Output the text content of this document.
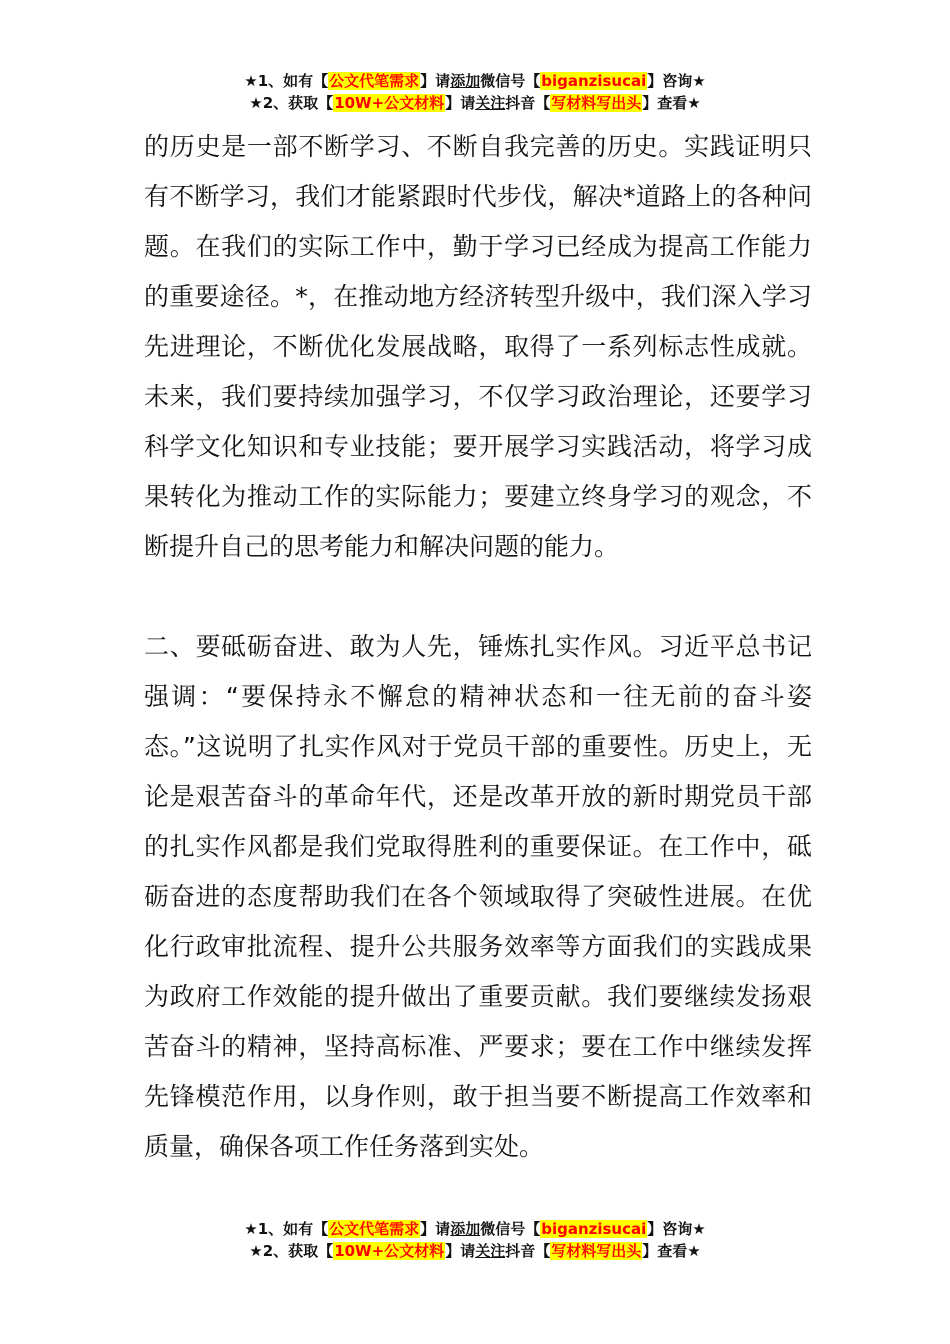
★1、如有【公文代笔需求】请添加微信号【biganzisucai】咨询★
★2、获取【10W+公文材料】请关注抖音【写材料写出头】查看★

的历史是一部不断学习、不断自我完善的历史。实践证明只有不断学习，我们才能紧跟时代步伐，解决*道路上的各种问题。在我们的实际工作中，勤于学习已经成为提高工作能力的重要途径。*，在推动地方经济转型升级中，我们深入学习先进理论，不断优化发展战略，取得了一系列标志性成就。未来，我们要持续加强学习，不仅学习政治理论，还要学习科学文化知识和专业技能；要开展学习实践活动，将学习成果转化为推动工作的实际能力；要建立终身学习的观念，不断提升自己的思考能力和解决问题的能力。

二、要砥砺奋进、敢为人先，锤炼扎实作风。习近平总书记强调：“要保持永不懈怠的精神状态和一往无前的奋斗姿态。”这说明了扎实作风对于党员干部的重要性。历史上，无论是艰苦奋斗的革命年代，还是改革开放的新时期党员干部的扎实作风都是我们党取得胜利的重要保证。在工作中，砥砺奋进的态度帮助我们在各个领域取得了突破性进展。在优化行政审批流程、提升公共服务效率等方面我们的实践成果为政府工作效能的提升做出了重要贡献。我们要继续发扬艰苦奋斗的精神，坚持高标准、严要求；要在工作中继续发挥先锋模范作用，以身作则，敢于担当要不断提高工作效率和质量，确保各项工作任务落到实处。

★1、如有【公文代笔需求】请添加微信号【biganzisucai】咨询★
★2、获取【10W+公文材料】请关注抖音【写材料写出头】查看★
